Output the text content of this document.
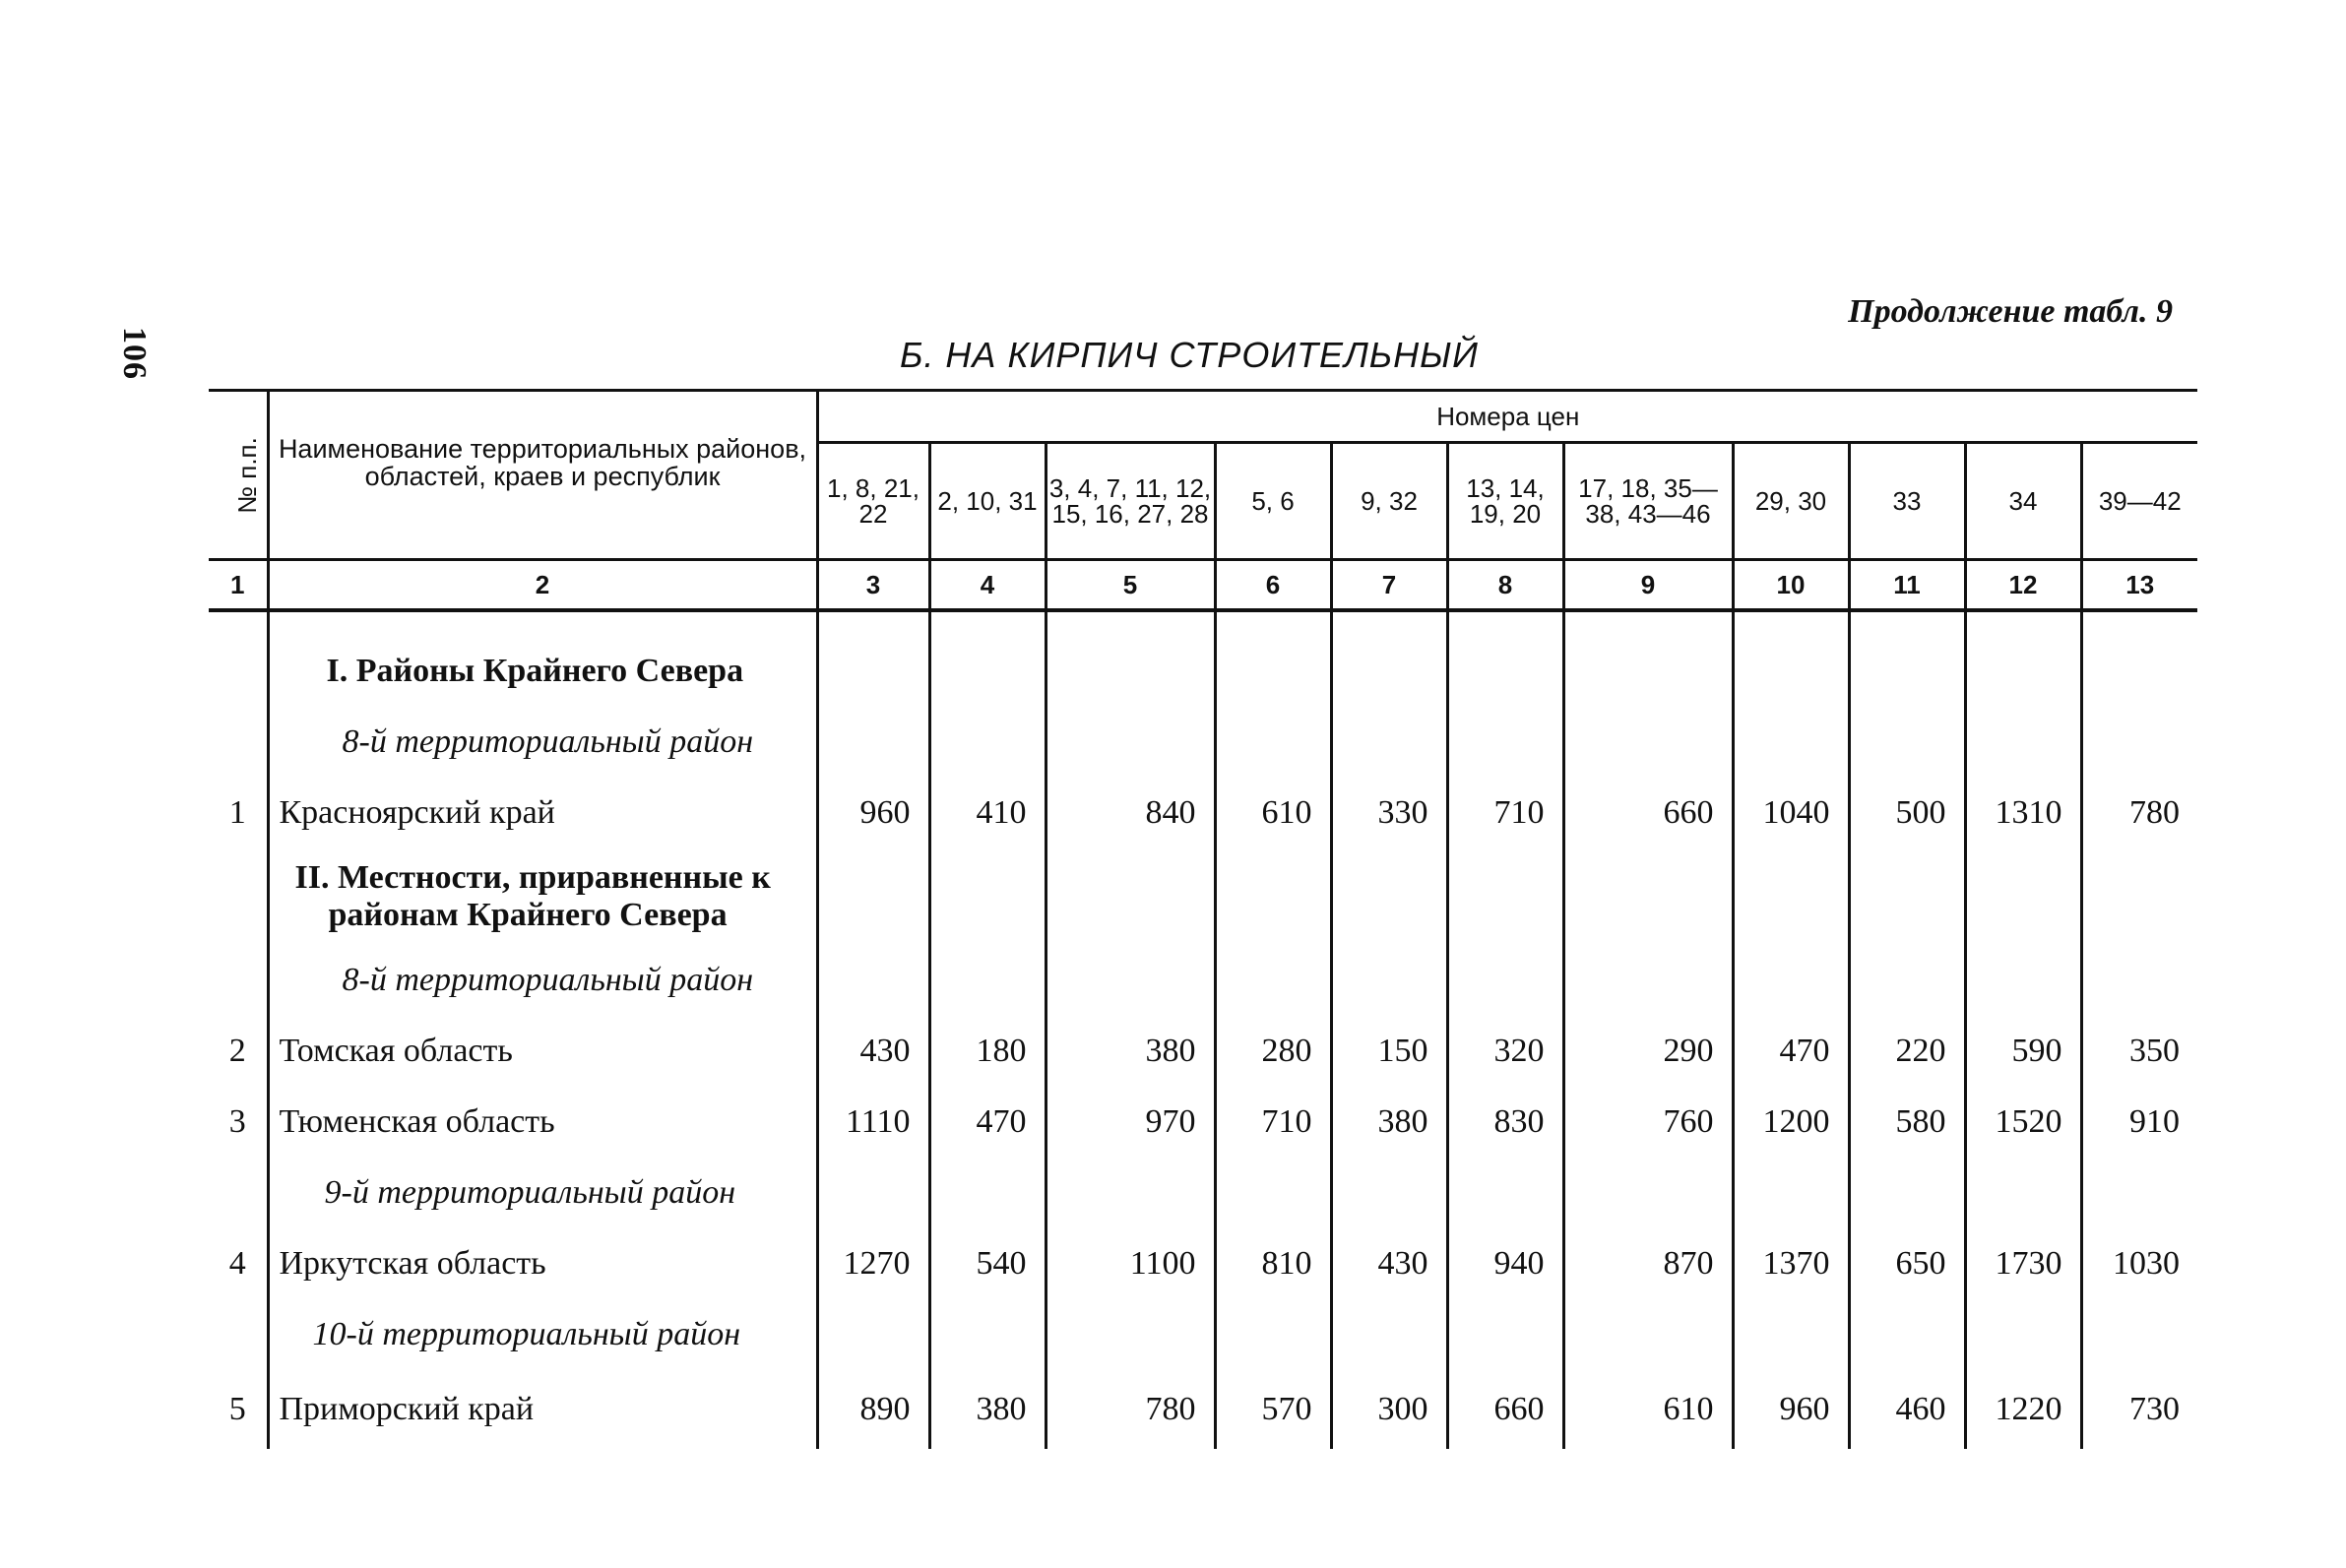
106
Продолжение табл. 9
Б. НА КИРПИЧ СТРОИТЕЛЬНЫЙ
№ п.п.	Наименование территориальных районов, областей, краев и республик	Номера цен										
		1, 8, 21, 22	2, 10, 31	3, 4, 7, 11, 12, 15, 16, 27, 28	5, 6	9, 32	13, 14, 19, 20	17, 18, 35—38, 43—46	29, 30	33	34	39—42
1	2	3	4	5	6	7	8	9	10	11	12	13

	I. Районы Крайнего Севера											

	8-й территориальный район											

1	Красноярский край	960	410	840	610	330	710	660	1040	500	1310	780

	II. Местности, приравненные к
районам Крайнего Севера											

	8-й территориальный район											

2	Томская область	430	180	380	280	150	320	290	470	220	590	350
3	Тюменская область	1110	470	970	710	380	830	760	1200	580	1520	910

	9-й территориальный район											

4	Иркутская область	1270	540	1100	810	430	940	870	1370	650	1730	1030

	10-й территориальный район											

5	Приморский край	890	380	780	570	300	660	610	960	460	1220	730
